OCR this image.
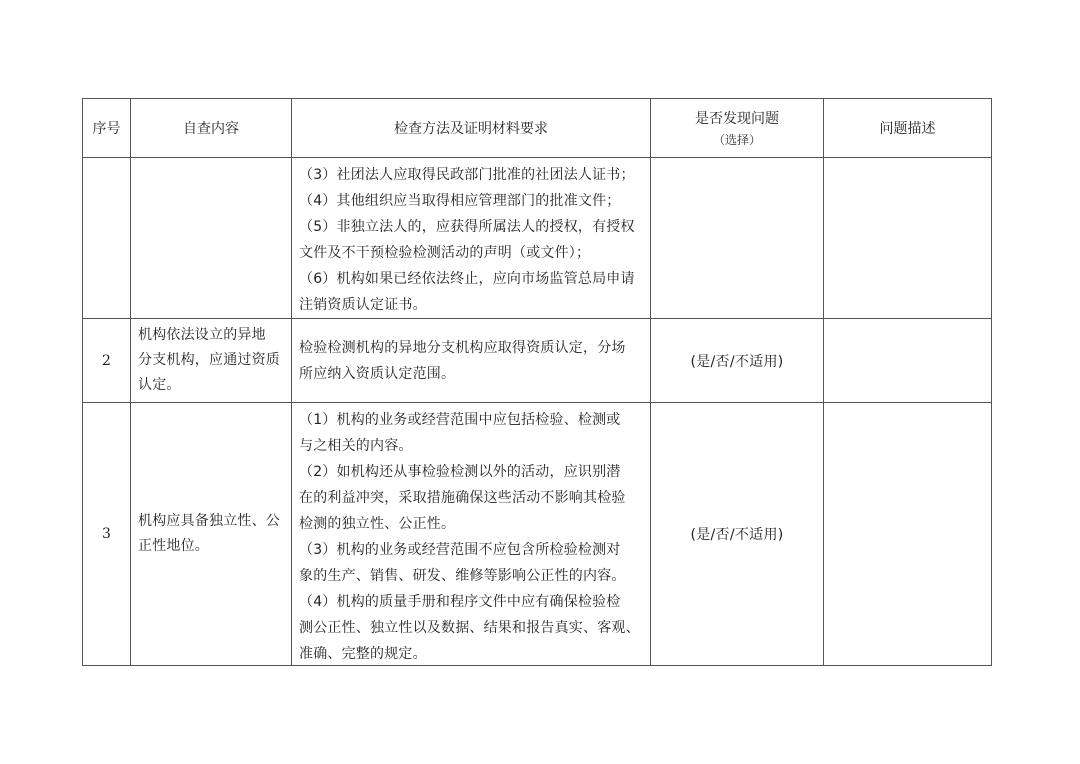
序号	自查内容	检查方法及证明材料要求
是否发现问题
（选择）
问题描述
（3）社团法人应取得民政部门批准的社团法人证书；
（4）其他组织应当取得相应管理部门的批准文件；
（5）非独立法人的，应获得所属法人的授权，有授权
文件及不干预检验检测活动的声明（或文件）；
（6）机构如果已经依法终止，应向市场监管总局申请
注销资质认定证书。
2
机构依法设立的异地
分支机构，应通过资质
认定。
检验检测机构的异地分支机构应取得资质认定，分场
所应纳入资质认定范围。
(是/否/不适用)
3
机构应具备独立性、公
正性地位。
（1）机构的业务或经营范围中应包括检验、检测或
与之相关的内容。
（2）如机构还从事检验检测以外的活动，应识别潜
在的利益冲突，采取措施确保这些活动不影响其检验
检测的独立性、公正性。
（3）机构的业务或经营范围不应包含所检验检测对
象的生产、销售、研发、维修等影响公正性的内容。
（4）机构的质量手册和程序文件中应有确保检验检
测公正性、独立性以及数据、结果和报告真实、客观、
准确、完整的规定。
(是/否/不适用)
